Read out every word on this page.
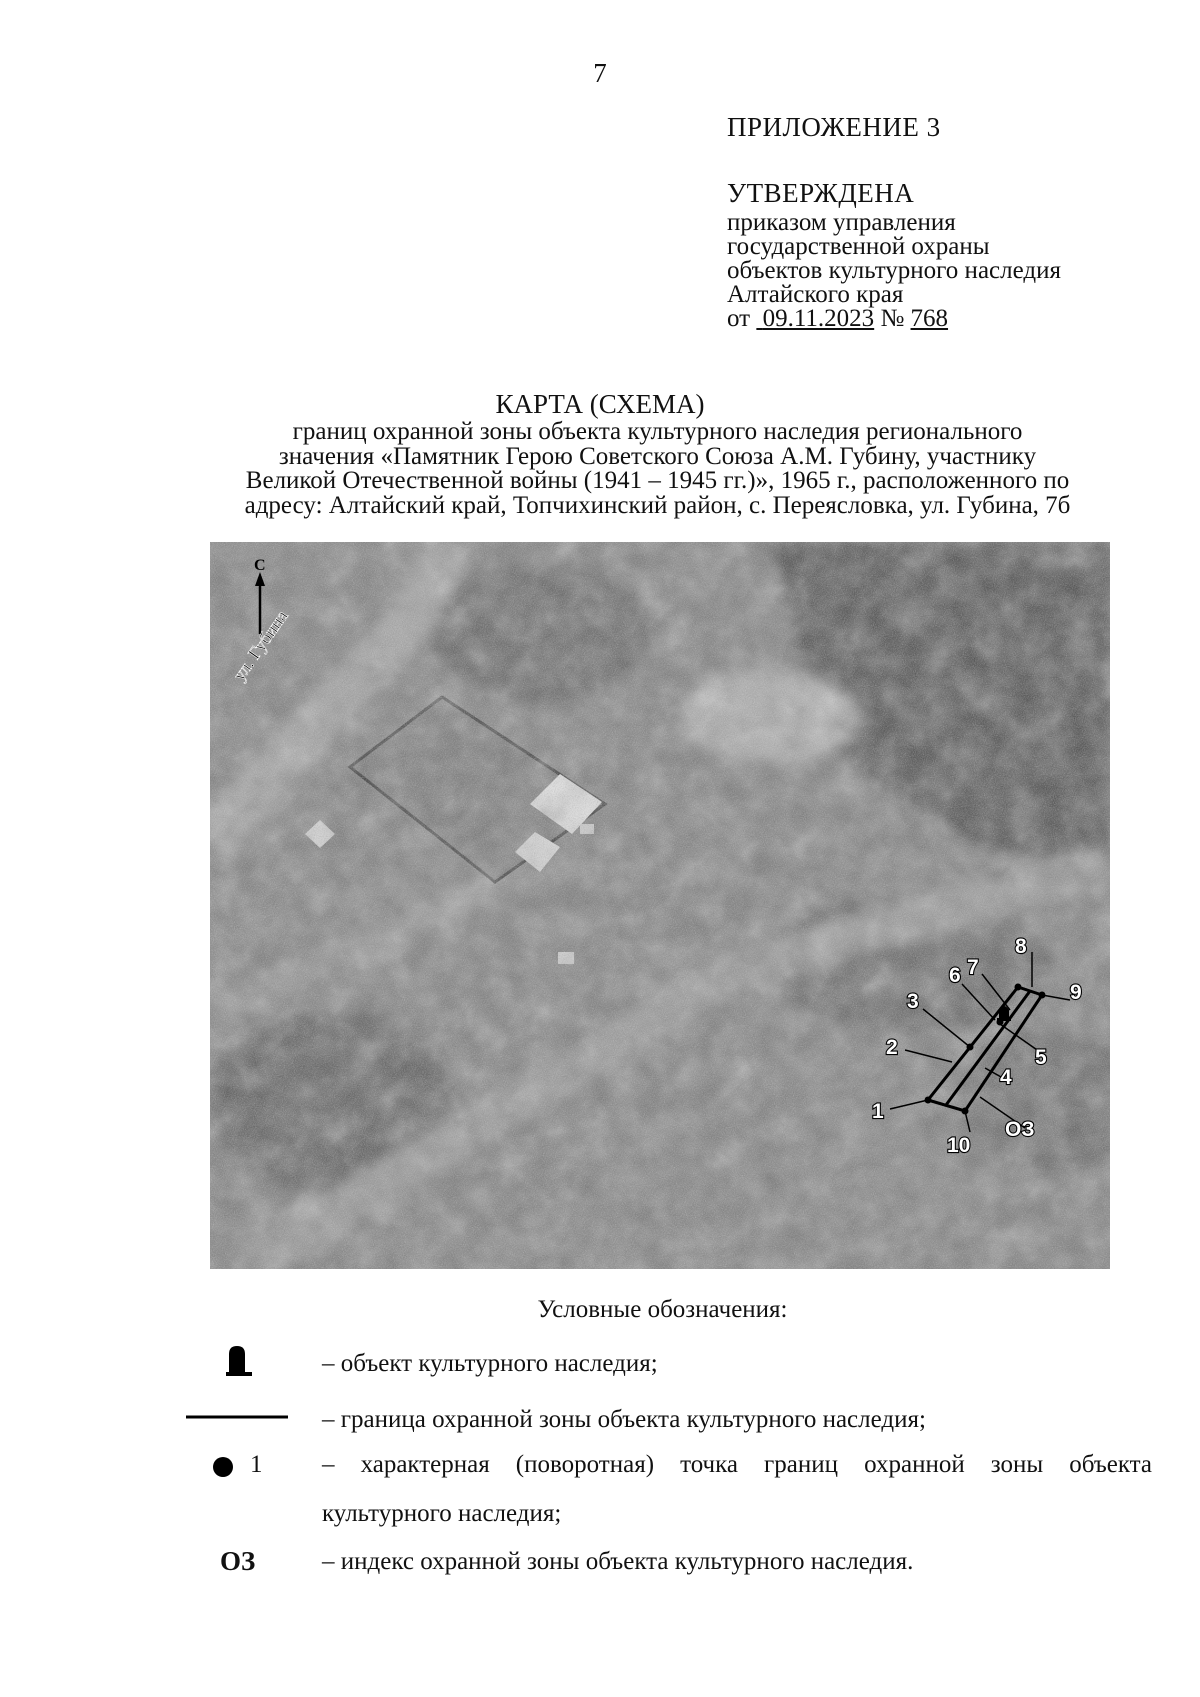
7
ПРИЛОЖЕНИЕ 3
УТВЕРЖДЕНА
приказом управления
государственной охраны
объектов культурного наследия
Алтайского края
от 09.11.2023 № 768
КАРТА (СХЕМА)
границ охранной зоны объекта культурного наследия регионального
значения «Памятник Герою Советского Союза А.М. Губину, участнику
Великой Отечественной войны (1941 – 1945 гг.)», 1965 г., расположенного по
адресу: Алтайский край, Топчихинский район, с. Переясловка, ул. Губина, 7б
С
ул. Губина
1
2
3
4
5
6 7
8
9
10
ОЗ
Условные обозначения:
– объект культурного наследия;
– граница охранной зоны объекта культурного наследия;
1 – характерная (поворотная) точка границ охранной зоны объекта
культурного наследия;
ОЗ	– индекс охранной зоны объекта культурного наследия.
